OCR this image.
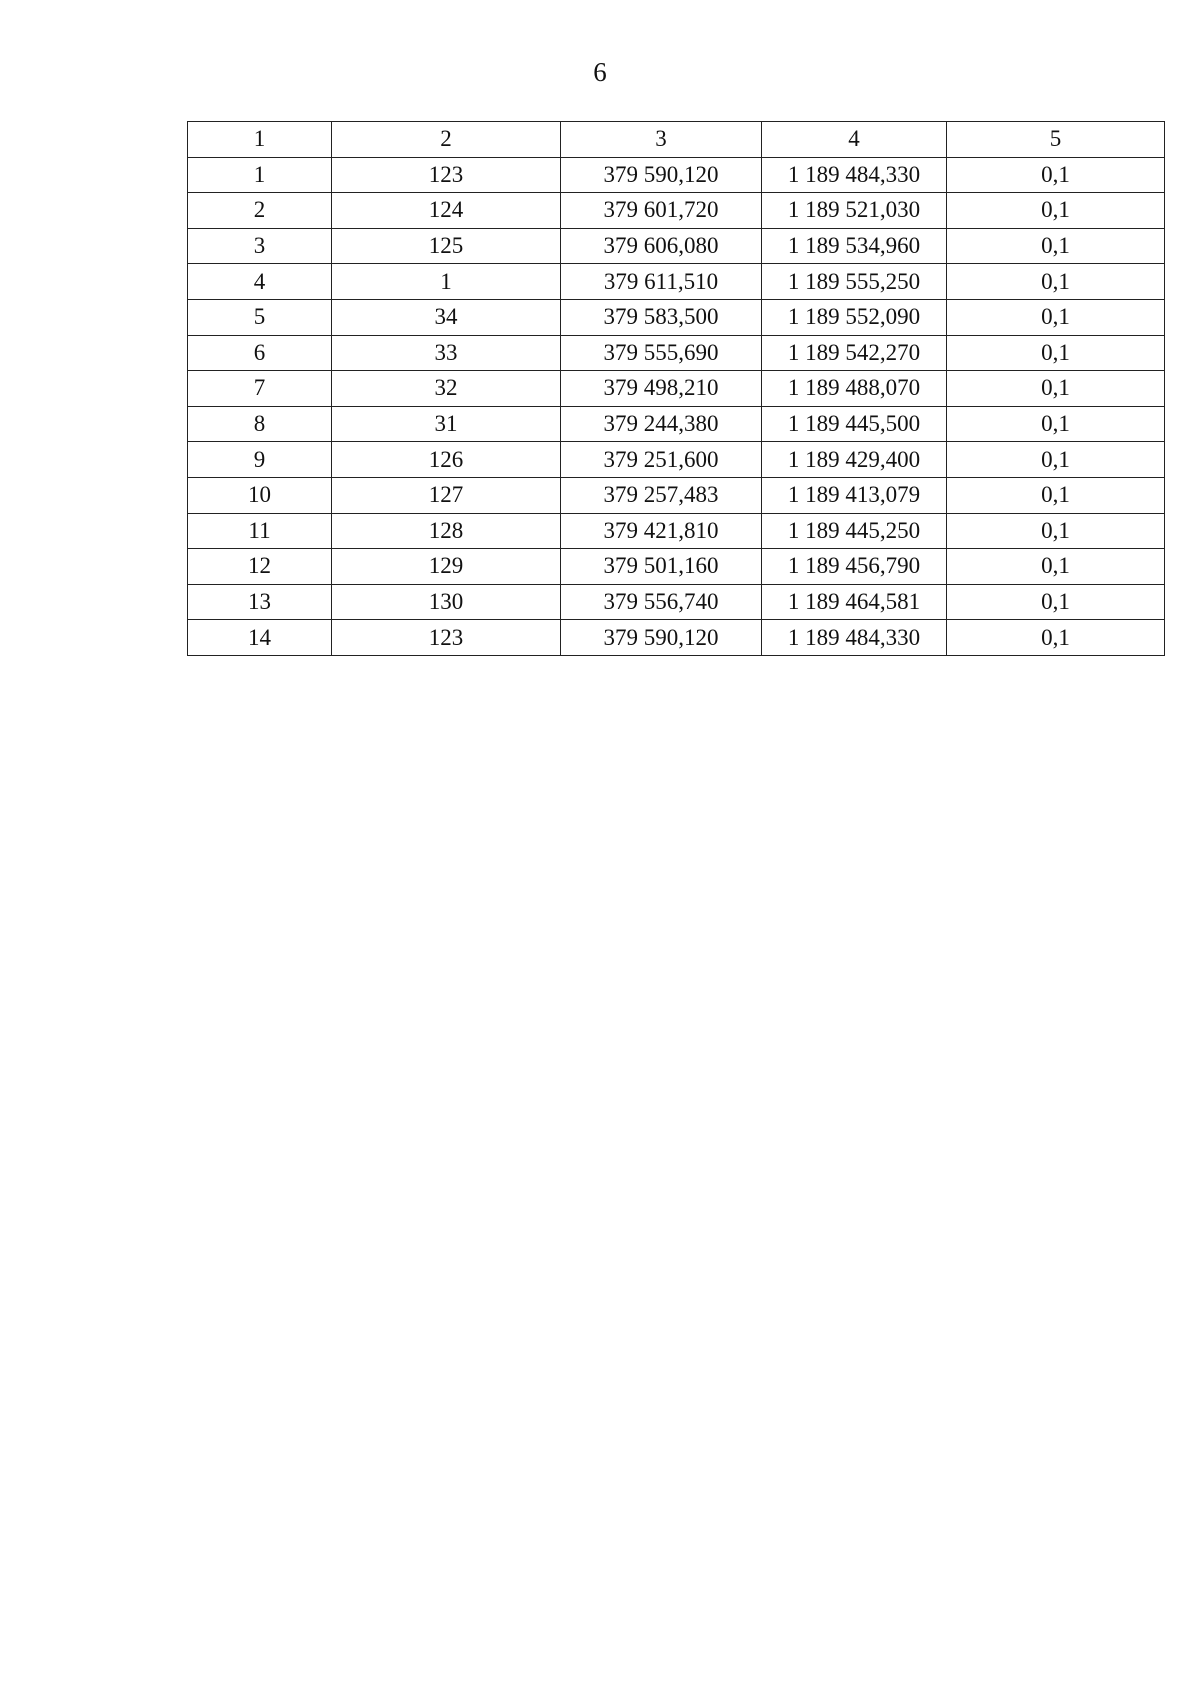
6
1	2	3	4	5
1	123	379 590,120	1 189 484,330	0,1
2	124	379 601,720	1 189 521,030	0,1
3	125	379 606,080	1 189 534,960	0,1
4	1	379 611,510	1 189 555,250	0,1
5	34	379 583,500	1 189 552,090	0,1
6	33	379 555,690	1 189 542,270	0,1
7	32	379 498,210	1 189 488,070	0,1
8	31	379 244,380	1 189 445,500	0,1
9	126	379 251,600	1 189 429,400	0,1
10	127	379 257,483	1 189 413,079	0,1
11	128	379 421,810	1 189 445,250	0,1
12	129	379 501,160	1 189 456,790	0,1
13	130	379 556,740	1 189 464,581	0,1
14	123	379 590,120	1 189 484,330	0,1
